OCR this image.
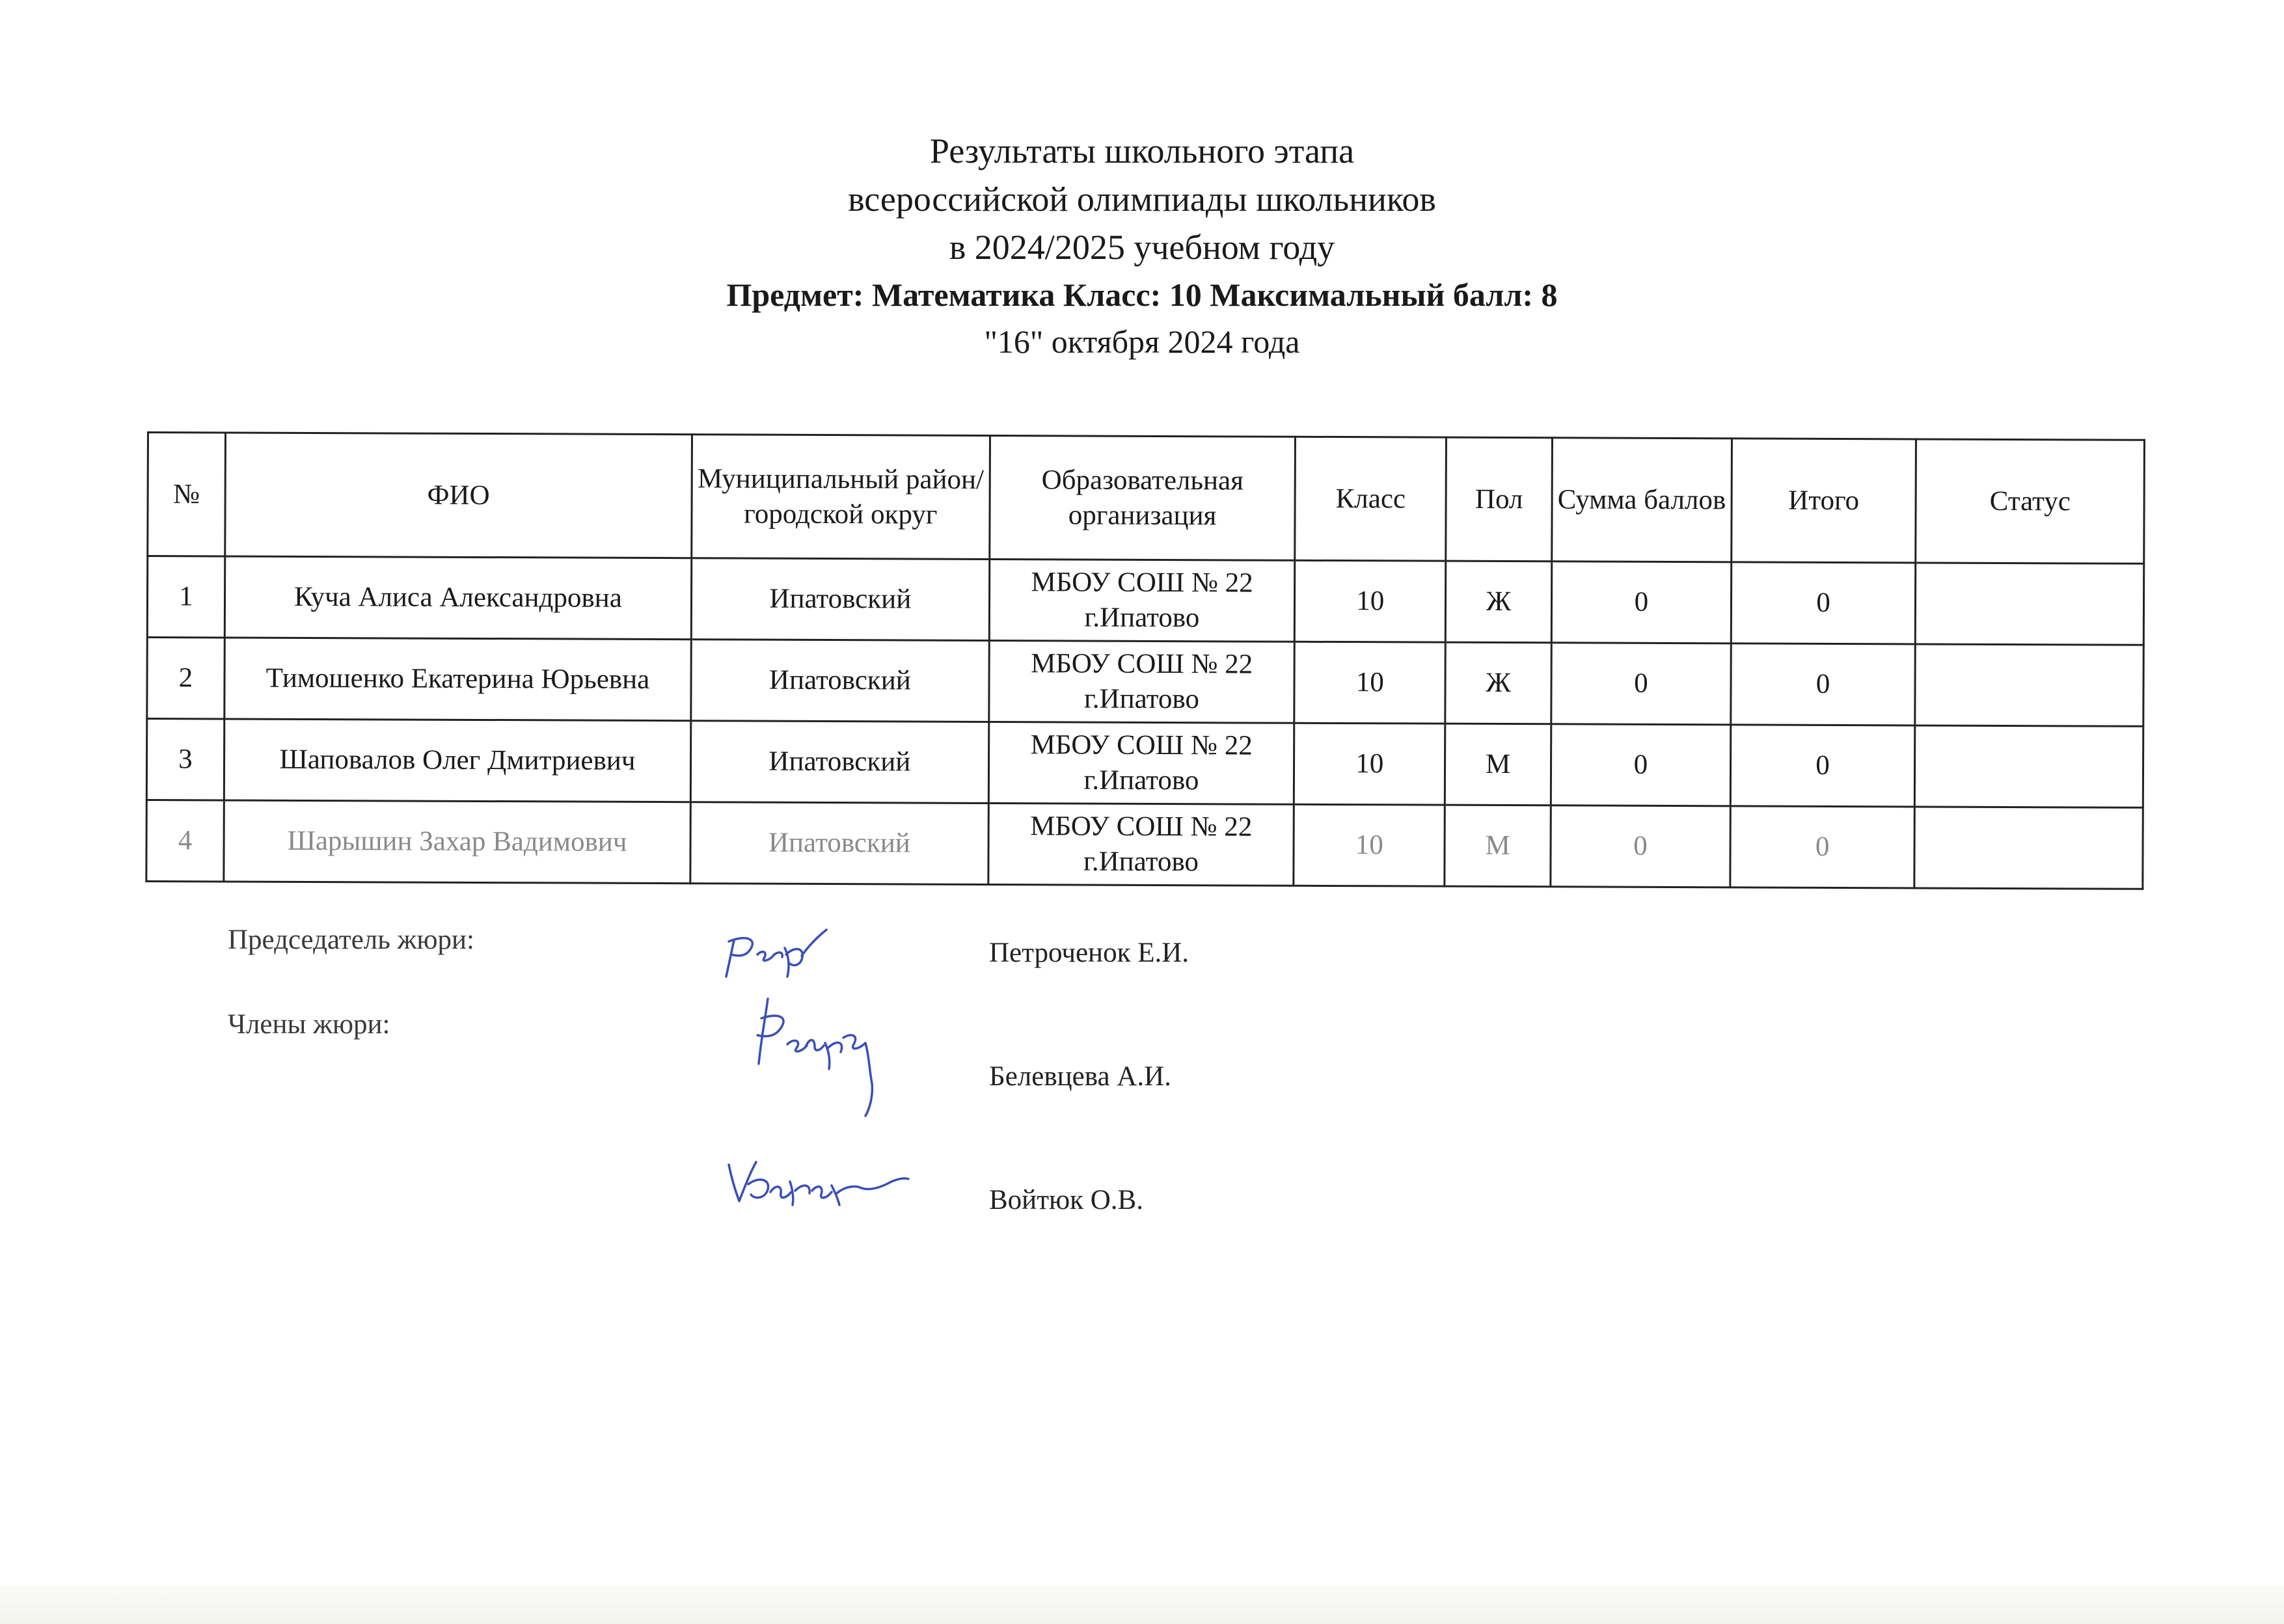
Результаты школьного этапа
всероссийской олимпиады школьников
в 2024/2025 учебном году
Предмет: Математика Класс: 10 Максимальный балл: 8
"16" октября 2024 года
№	ФИО	Муниципальный район/городской округ	Образовательная организация	Класс	Пол	Сумма баллов	Итого	Статус
1	Куча Алиса Александровна	Ипатовский	МБОУ СОШ № 22 г.Ипатово	10	Ж	0	0	
2	Тимошенко Екатерина Юрьевна	Ипатовский	МБОУ СОШ № 22 г.Ипатово	10	Ж	0	0	
3	Шаповалов Олег Дмитриевич	Ипатовский	МБОУ СОШ № 22 г.Ипатово	10	М	0	0	
4	Шарышин Захар Вадимович	Ипатовский	МБОУ СОШ № 22 г.Ипатово	10	М	0	0	
Председатель жюри:
Члены жюри:
Петроченок Е.И.
Белевцева А.И.
Войтюк О.В.
